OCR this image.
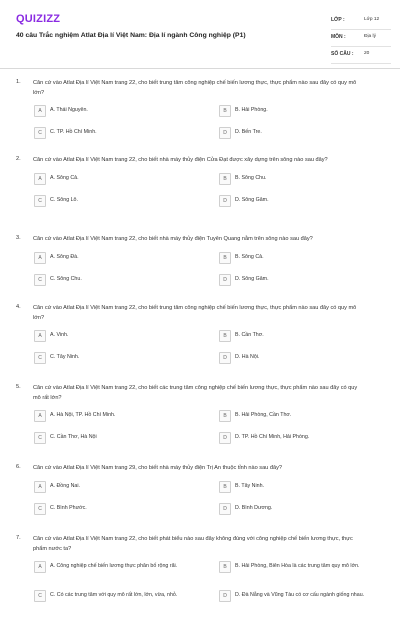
QUIZIZZ
40 câu Trắc nghiệm Atlat Địa lí Việt Nam: Địa lí ngành Công nghiệp (P1)
LỚP :	Lớp 12
MÔN :	Địa lý
SỐ CÂU : 20
1. Căn cứ vào Atlat Địa lí Việt Nam trang 22, cho biết trung tâm công nghiệp chế biến lương thực, thực phẩm nào sau đây có quy mô lớn?
A	A. Thái Nguyên.	B	B. Hải Phòng.
C	C. TP. Hồ Chí Minh.	D	D. Bến Tre.
2. Căn cứ vào Atlat Địa lí Việt Nam trang 22, cho biết nhà máy thủy điện Cửa Đạt được xây dựng trên sông nào sau đây?
A	A. Sông Cả.	B	B. Sông Chu.
C	C. Sông Lô.	D	D. Sông Gâm.
3. Căn cứ vào Atlat Địa lí Việt Nam trang 22, cho biết nhà máy thủy điện Tuyên Quang nằm trên sông nào sau đây?
A	A. Sông Đà.	B	B. Sông Cả.
C	C. Sông Chu.	D	D. Sông Gâm.
4. Căn cứ vào Atlat Địa lí Việt Nam trang 22, cho biết trung tâm công nghiệp chế biến lương thực, thực phẩm nào sau đây có quy mô lớn?
A	A. Vinh.	B	B. Cần Thơ.
C	C. Tây Ninh.	D	D. Hà Nội.
5. Căn cứ vào Atlat Địa lí Việt Nam trang 22, cho biết các trung tâm công nghiệp chế biến lương thực, thực phẩm nào sau đây có quy mô rất lớn?
A	A. Hà Nội, TP. Hồ Chí Minh.	B	B. Hải Phòng, Cần Thơ.
C	C. Cần Thơ, Hà Nội	D	D. TP. Hồ Chí Minh, Hải Phòng.
6. Căn cứ vào Atlat Địa lí Việt Nam trang 29, cho biết nhà máy thủy điện Trị An thuộc tỉnh nào sau đây?
A	A. Đồng Nai.	B	B. Tây Ninh.
C	C. Bình Phước.	D	D. Bình Dương.
7. Căn cứ vào Atlat Địa lí Việt Nam trang 22, cho biết phát biểu nào sau đây không đúng với công nghiệp chế biến lương thực, thực phẩm nước ta?
A	A. Công nghiệp chế biến lương thực phân bố rộng rãi.	B	B. Hải Phòng, Biên Hòa là các trung tâm quy mô lớn.
C	C. Có các trung tâm với quy mô rất lớn, lớn, vừa, nhỏ.	D	D. Đà Nẵng và Vũng Tàu có cơ cấu ngành giống nhau.
